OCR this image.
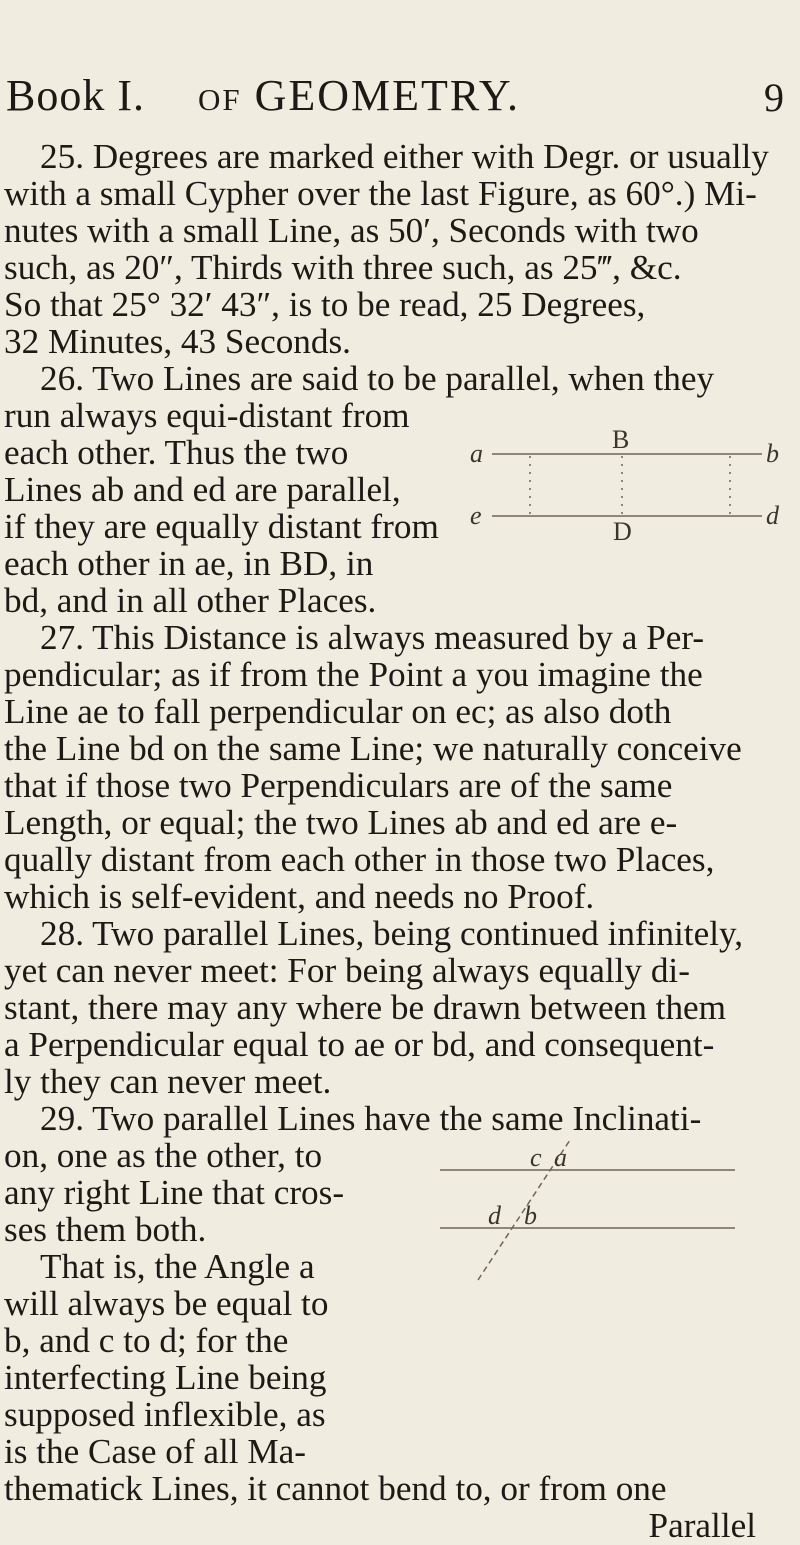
Book I. of GEOMETRY.	9
25. Degrees are marked either with Degr. or usually
with a small Cypher over the last Figure, as 60°.) Mi-
nutes with a small Line, as 50′, Seconds with two
such, as 20″, Thirds with three such, as 25‴, &c.
So that 25° 32′ 43″, is to be read, 25 Degrees,
32 Minutes, 43 Seconds.
26. Two Lines are said to be parallel, when they
run always equi-distant from
each other. Thus the two
Lines ab and ed are parallel,
if they are equally distant from
each other in ae, in BD, in
bd, and in all other Places.
27. This Distance is always measured by a Per-
pendicular; as if from the Point a you imagine the
Line ae to fall perpendicular on ec; as also doth
the Line bd on the same Line; we naturally conceive
that if those two Perpendiculars are of the same
Length, or equal; the two Lines ab and ed are e-
qually distant from each other in those two Places,
which is self-evident, and needs no Proof.
28. Two parallel Lines, being continued infinitely,
yet can never meet: For being always equally di-
stant, there may any where be drawn between them
a Perpendicular equal to ae or bd, and consequent-
ly they can never meet.
29. Two parallel Lines have the same Inclinati-
on, one as the other, to
any right Line that cros-
ses them both.
That is, the Angle a
will always be equal to
b, and c to d; for the
interfecting Line being
supposed inflexible, as
is the Case of all Ma-
thematick Lines, it cannot bend to, or from one
Parallel
a	B	b
e
D
d
c a
d b
